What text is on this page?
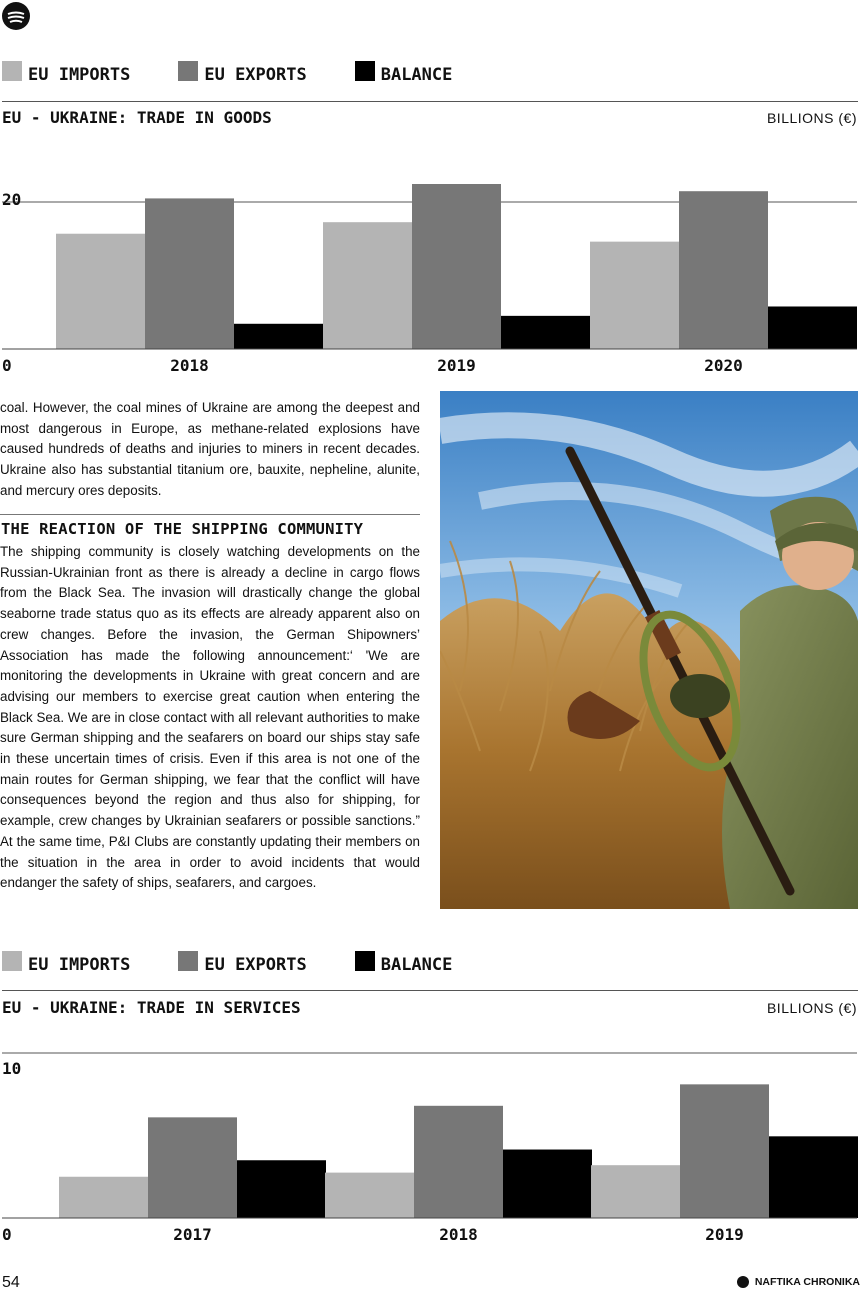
EU IMPORTS	EU EXPORTS	BALANCE
EU - UKRAINE: TRADE IN GOODS	BILLIONS (€)
2018	2019	2020
0
20
coal. However, the coal mines of Ukraine are among the deepest and most dangerous in Europe, as methane-related explosions have caused hundreds of deaths and injuries to miners in recent decades. Ukraine also has substantial titanium ore, bauxite, nepheline, alunite, and mercury ores deposits.
THE REACTION OF THE SHIPPING COMMUNITY
The shipping community is closely watching developments on the Russian-Ukrainian front as there is already a decline in cargo flows from the Black Sea. The invasion will drastically change the global seaborne trade status quo as its effects are already apparent also on crew changes. Before the invasion, the German Shipowners’ Association has made the following announcement:‘ 'We are monitoring the developments in Ukraine with great concern and are advising our members to exercise great caution when entering the Black Sea. We are in close contact with all relevant authorities to make sure German shipping and the seafarers on board our ships stay safe in these uncertain times of crisis. Even if this area is not one of the main routes for German shipping, we fear that the conflict will have consequences beyond the region and thus also for shipping, for example, crew changes by Ukrainian seafarers or possible sanctions.” At the same time, P&I Clubs are constantly updating their members on the situation in the area in order to avoid incidents that would endanger the safety of ships, seafarers, and cargoes.
EU IMPORTS	EU EXPORTS	BALANCE
EU - UKRAINE: TRADE IN SERVICES	BILLIONS (€)
2017	2018	2019
0
10
54	NAFTIKA CHRONIKA
